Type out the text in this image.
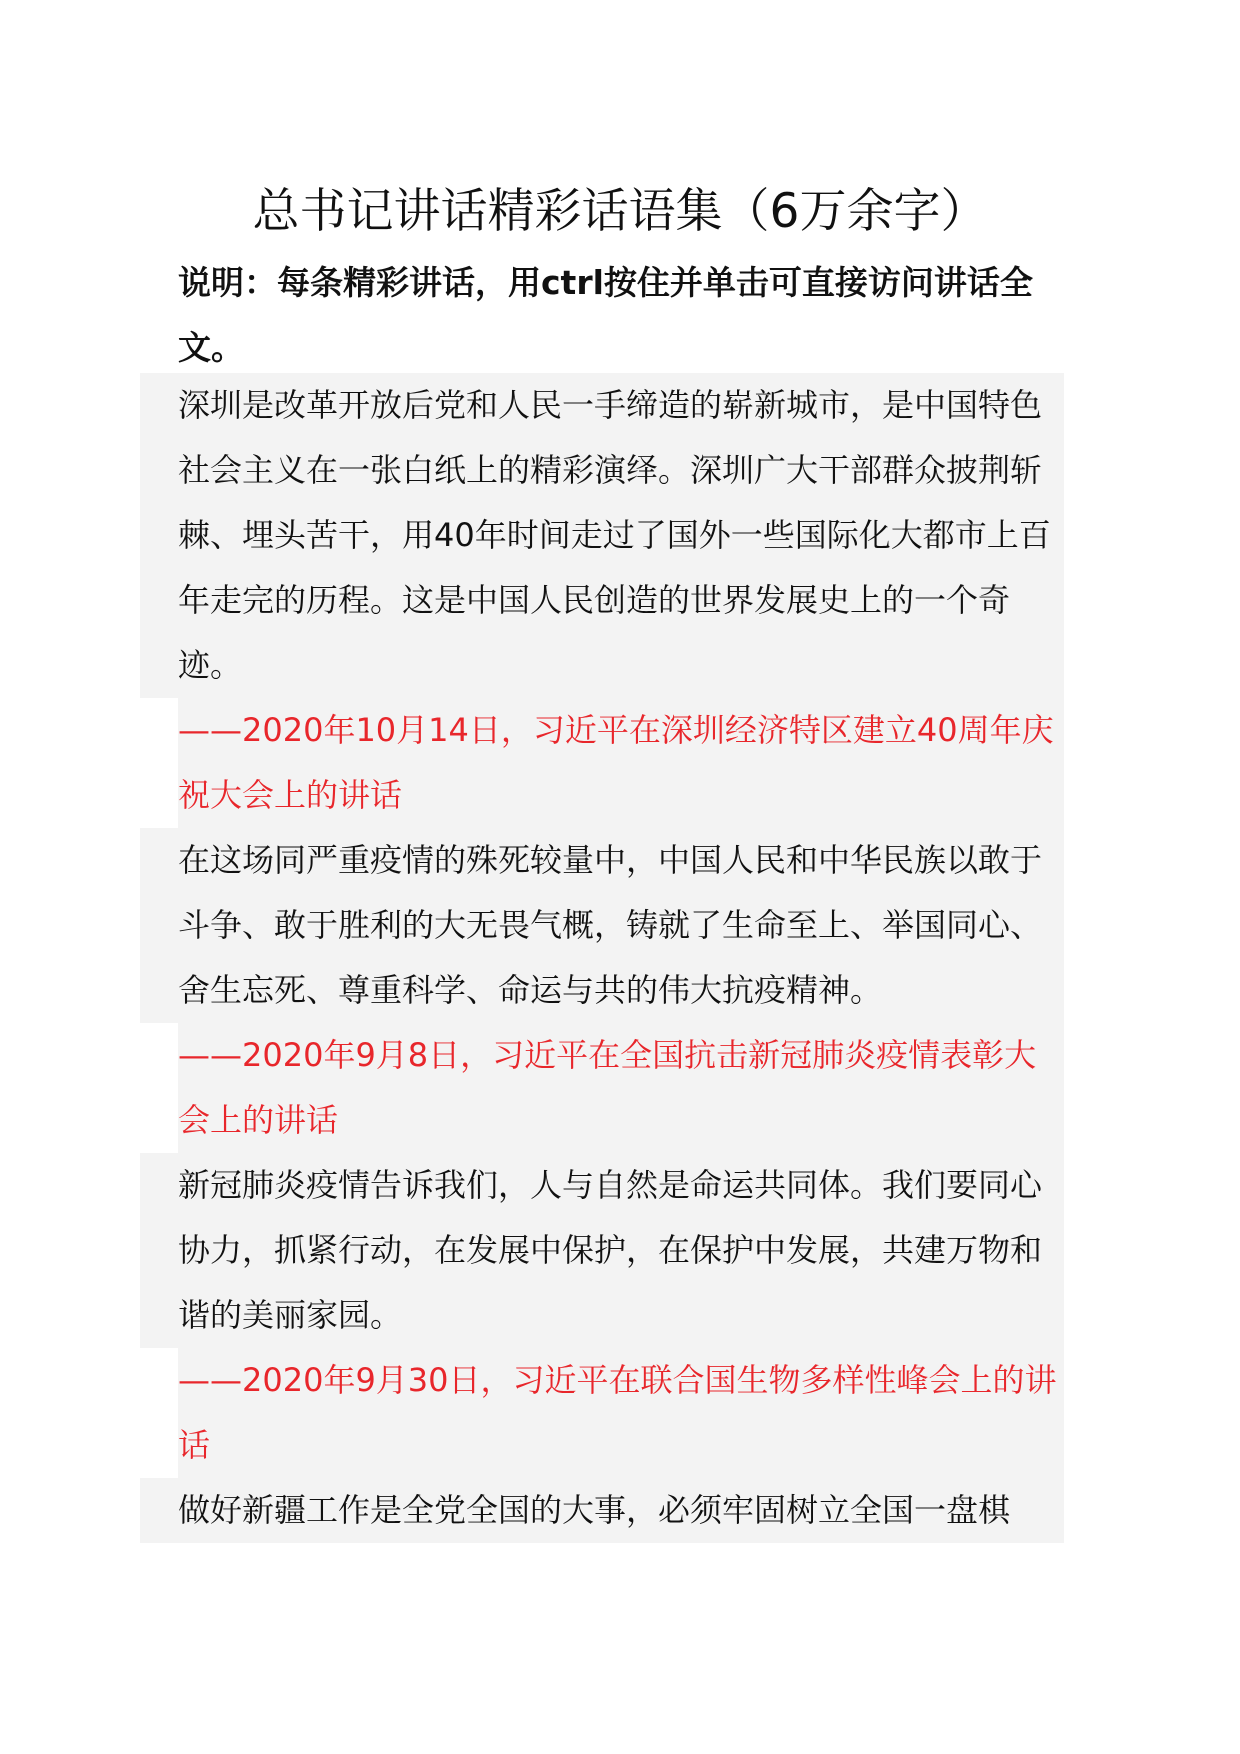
总书记讲话精彩话语集（6万余字）

说明：每条精彩讲话，用ctrl按住并单击可直接访问讲话全文。

深圳是改革开放后党和人民一手缔造的崭新城市，是中国特色社会主义在一张白纸上的精彩演绎。深圳广大干部群众披荆斩棘、埋头苦干，用40年时间走过了国外一些国际化大都市上百年走完的历程。这是中国人民创造的世界发展史上的一个奇迹。

——2020年10月14日，习近平在深圳经济特区建立40周年庆祝大会上的讲话

在这场同严重疫情的殊死较量中，中国人民和中华民族以敢于斗争、敢于胜利的大无畏气概，铸就了生命至上、举国同心、舍生忘死、尊重科学、命运与共的伟大抗疫精神。

——2020年9月8日，习近平在全国抗击新冠肺炎疫情表彰大会上的讲话

新冠肺炎疫情告诉我们，人与自然是命运共同体。我们要同心协力，抓紧行动，在发展中保护，在保护中发展，共建万物和谐的美丽家园。

——2020年9月30日，习近平在联合国生物多样性峰会上的讲话

做好新疆工作是全党全国的大事，必须牢固树立全国一盘棋
